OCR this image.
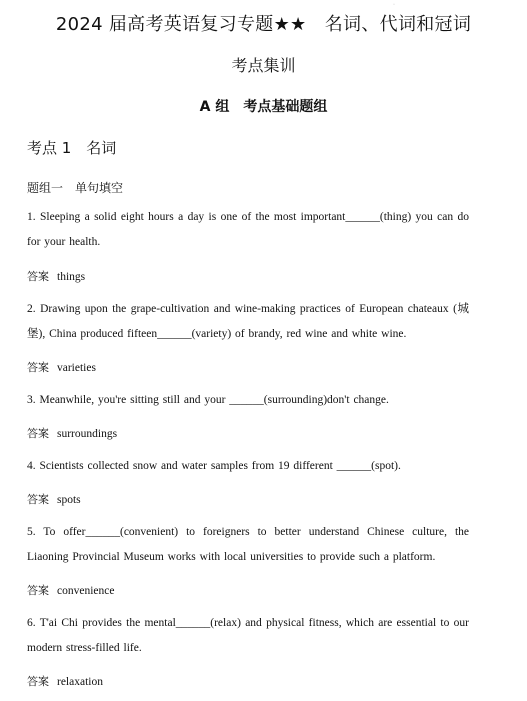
·
2024 届高考英语复习专题★★　名词、代词和冠词
考点集训
A 组　考点基础题组
考点 1　名词
题组一　单句填空
1. Sleeping a solid eight hours a day is one of the most important______(thing) you can do for your health.
答案 things
2. Drawing upon the grape-cultivation and wine-making practices of European chateaux (城堡), China produced fifteen______(variety) of brandy, red wine and white wine.
答案 varieties
3. Meanwhile, you're sitting still and your ______(surrounding)don't change.
答案 surroundings
4. Scientists collected snow and water samples from 19 different ______(spot).
答案 spots
5. To offer______(convenient) to foreigners to better understand Chinese culture, the Liaoning Provincial Museum works with local universities to provide such a platform.
答案 convenience
6. T'ai Chi provides the mental______(relax) and physical fitness, which are essential to our modern stress-filled life.
答案 relaxation
